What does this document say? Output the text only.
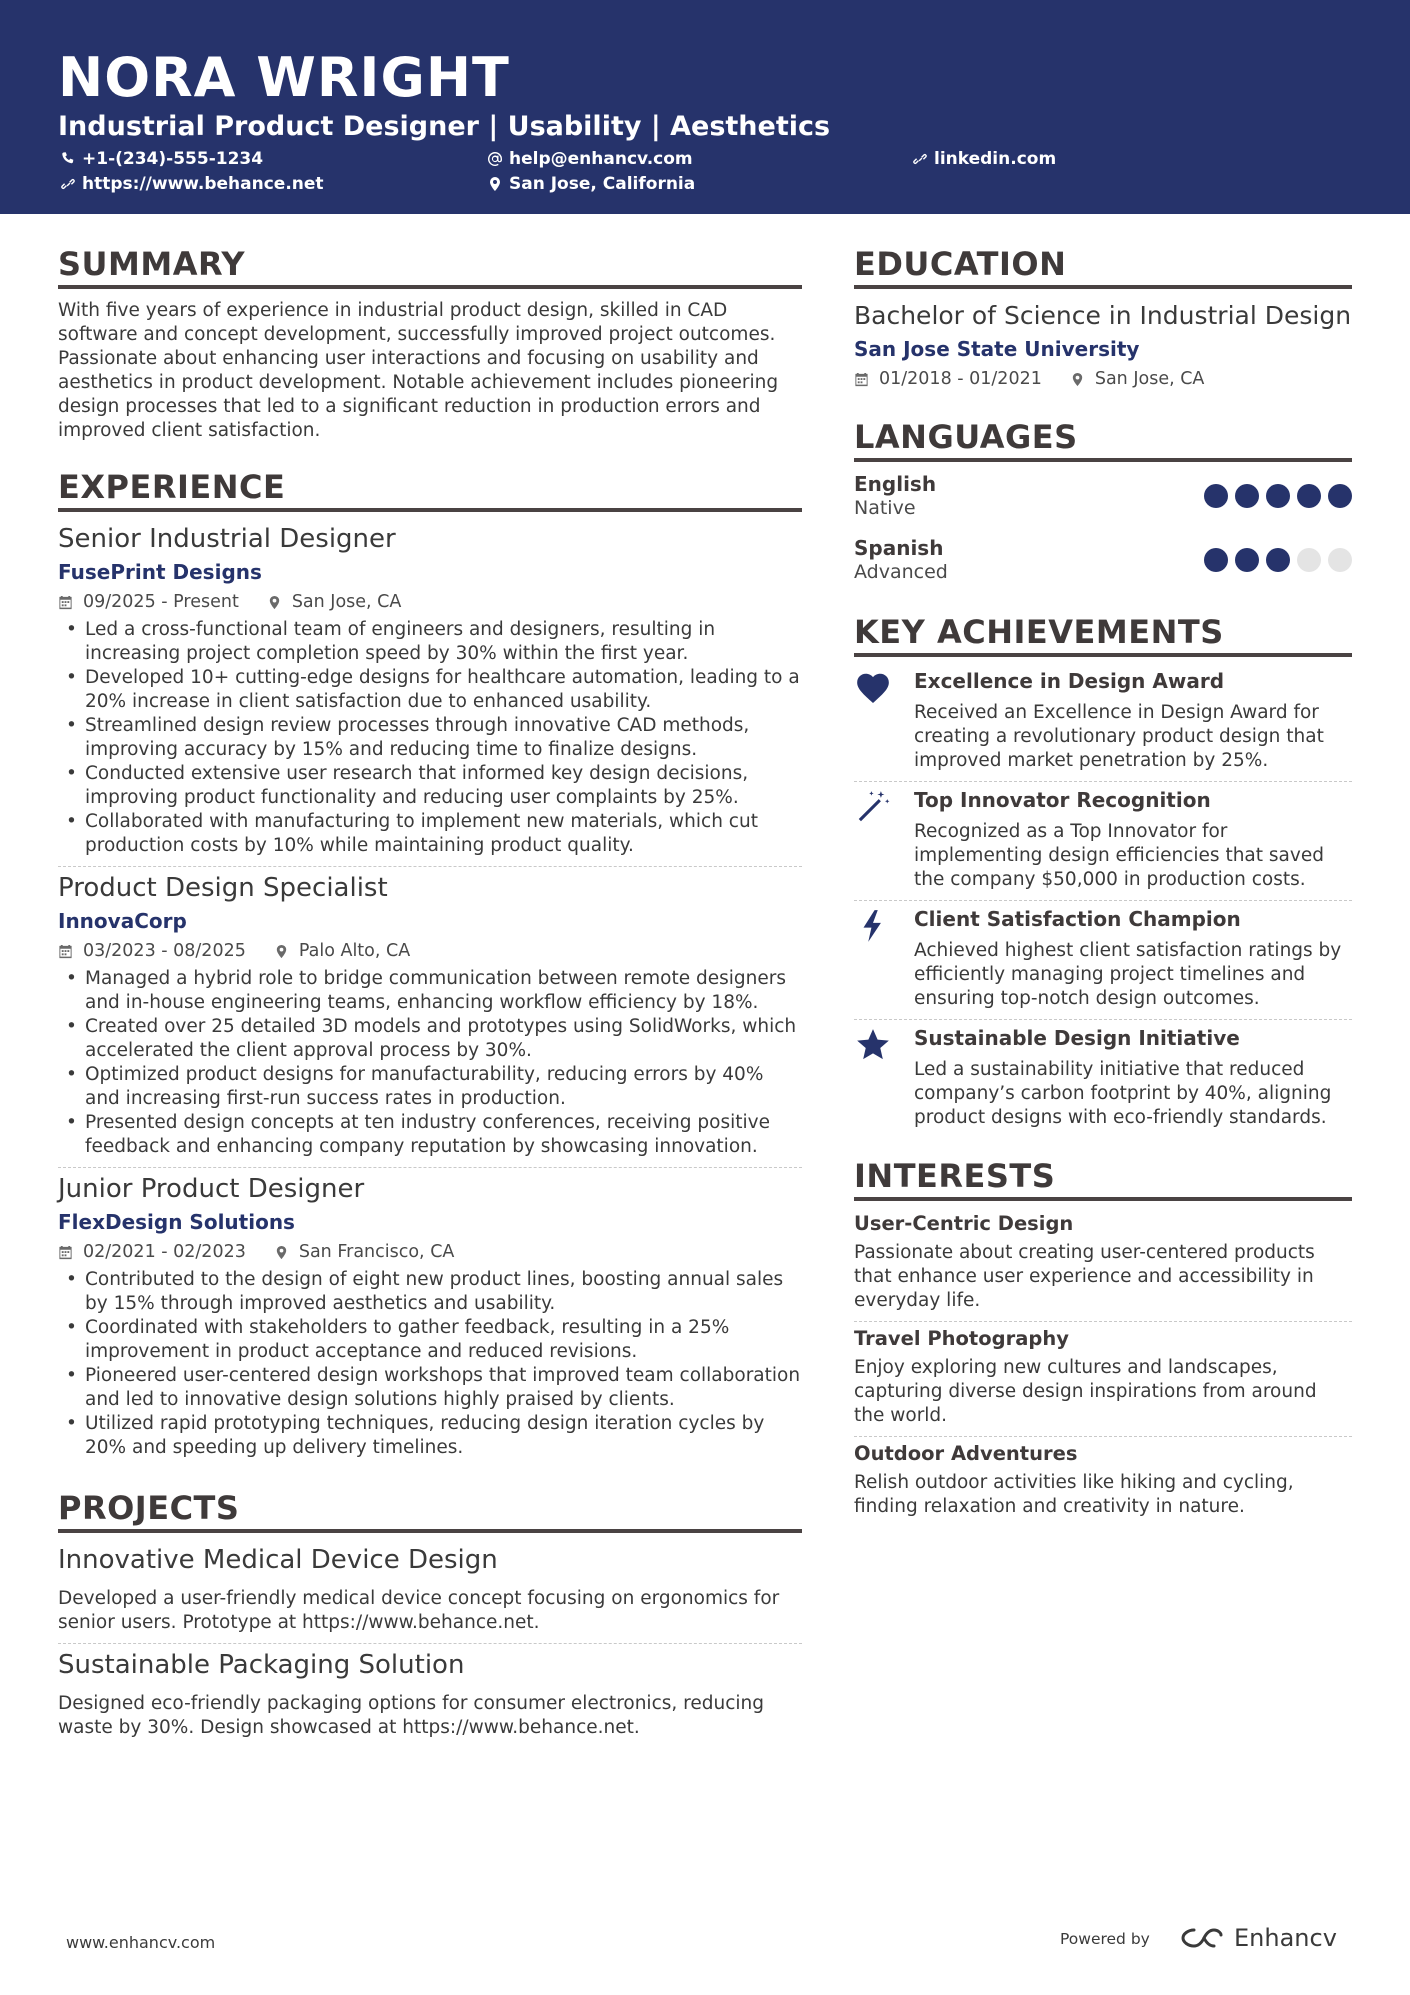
NORA WRIGHT
Industrial Product Designer | Usability | Aesthetics
+1-(234)-555-1234	help@enhancv.com	linkedin.com
https://www.behance.net	San Jose, California
SUMMARY
With five years of experience in industrial product design, skilled in CAD software and concept development, successfully improved project outcomes. Passionate about enhancing user interactions and focusing on usability and aesthetics in product development. Notable achievement includes pioneering design processes that led to a significant reduction in production errors and improved client satisfaction.
EXPERIENCE
Senior Industrial Designer
FusePrint Designs
09/2025 - Present	San Jose, CA
• Led a cross-functional team of engineers and designers, resulting in increasing project completion speed by 30% within the first year.
• Developed 10+ cutting-edge designs for healthcare automation, leading to a 20% increase in client satisfaction due to enhanced usability.
• Streamlined design review processes through innovative CAD methods, improving accuracy by 15% and reducing time to finalize designs.
• Conducted extensive user research that informed key design decisions, improving product functionality and reducing user complaints by 25%.
• Collaborated with manufacturing to implement new materials, which cut production costs by 10% while maintaining product quality.
Product Design Specialist
InnovaCorp
03/2023 - 08/2025	Palo Alto, CA
• Managed a hybrid role to bridge communication between remote designers and in-house engineering teams, enhancing workflow efficiency by 18%.
• Created over 25 detailed 3D models and prototypes using SolidWorks, which accelerated the client approval process by 30%.
• Optimized product designs for manufacturability, reducing errors by 40% and increasing first-run success rates in production.
• Presented design concepts at ten industry conferences, receiving positive feedback and enhancing company reputation by showcasing innovation.
Junior Product Designer
FlexDesign Solutions
02/2021 - 02/2023	San Francisco, CA
• Contributed to the design of eight new product lines, boosting annual sales by 15% through improved aesthetics and usability.
• Coordinated with stakeholders to gather feedback, resulting in a 25% improvement in product acceptance and reduced revisions.
• Pioneered user-centered design workshops that improved team collaboration and led to innovative design solutions highly praised by clients.
• Utilized rapid prototyping techniques, reducing design iteration cycles by 20% and speeding up delivery timelines.
PROJECTS
Innovative Medical Device Design
Developed a user-friendly medical device concept focusing on ergonomics for senior users. Prototype at https://www.behance.net.
Sustainable Packaging Solution
Designed eco-friendly packaging options for consumer electronics, reducing waste by 30%. Design showcased at https://www.behance.net.
EDUCATION
Bachelor of Science in Industrial Design
San Jose State University
01/2018 - 01/2021	San Jose, CA
LANGUAGES
English
Native
Spanish
Advanced
KEY ACHIEVEMENTS
Excellence in Design Award
Received an Excellence in Design Award for creating a revolutionary product design that improved market penetration by 25%.
Top Innovator Recognition
Recognized as a Top Innovator for implementing design efficiencies that saved the company $50,000 in production costs.
Client Satisfaction Champion
Achieved highest client satisfaction ratings by efficiently managing project timelines and ensuring top-notch design outcomes.
Sustainable Design Initiative
Led a sustainability initiative that reduced company’s carbon footprint by 40%, aligning product designs with eco-friendly standards.
INTERESTS
User-Centric Design
Passionate about creating user-centered products that enhance user experience and accessibility in everyday life.
Travel Photography
Enjoy exploring new cultures and landscapes, capturing diverse design inspirations from around the world.
Outdoor Adventures
Relish outdoor activities like hiking and cycling, finding relaxation and creativity in nature.
www.enhancv.com	Powered by	Enhancv
